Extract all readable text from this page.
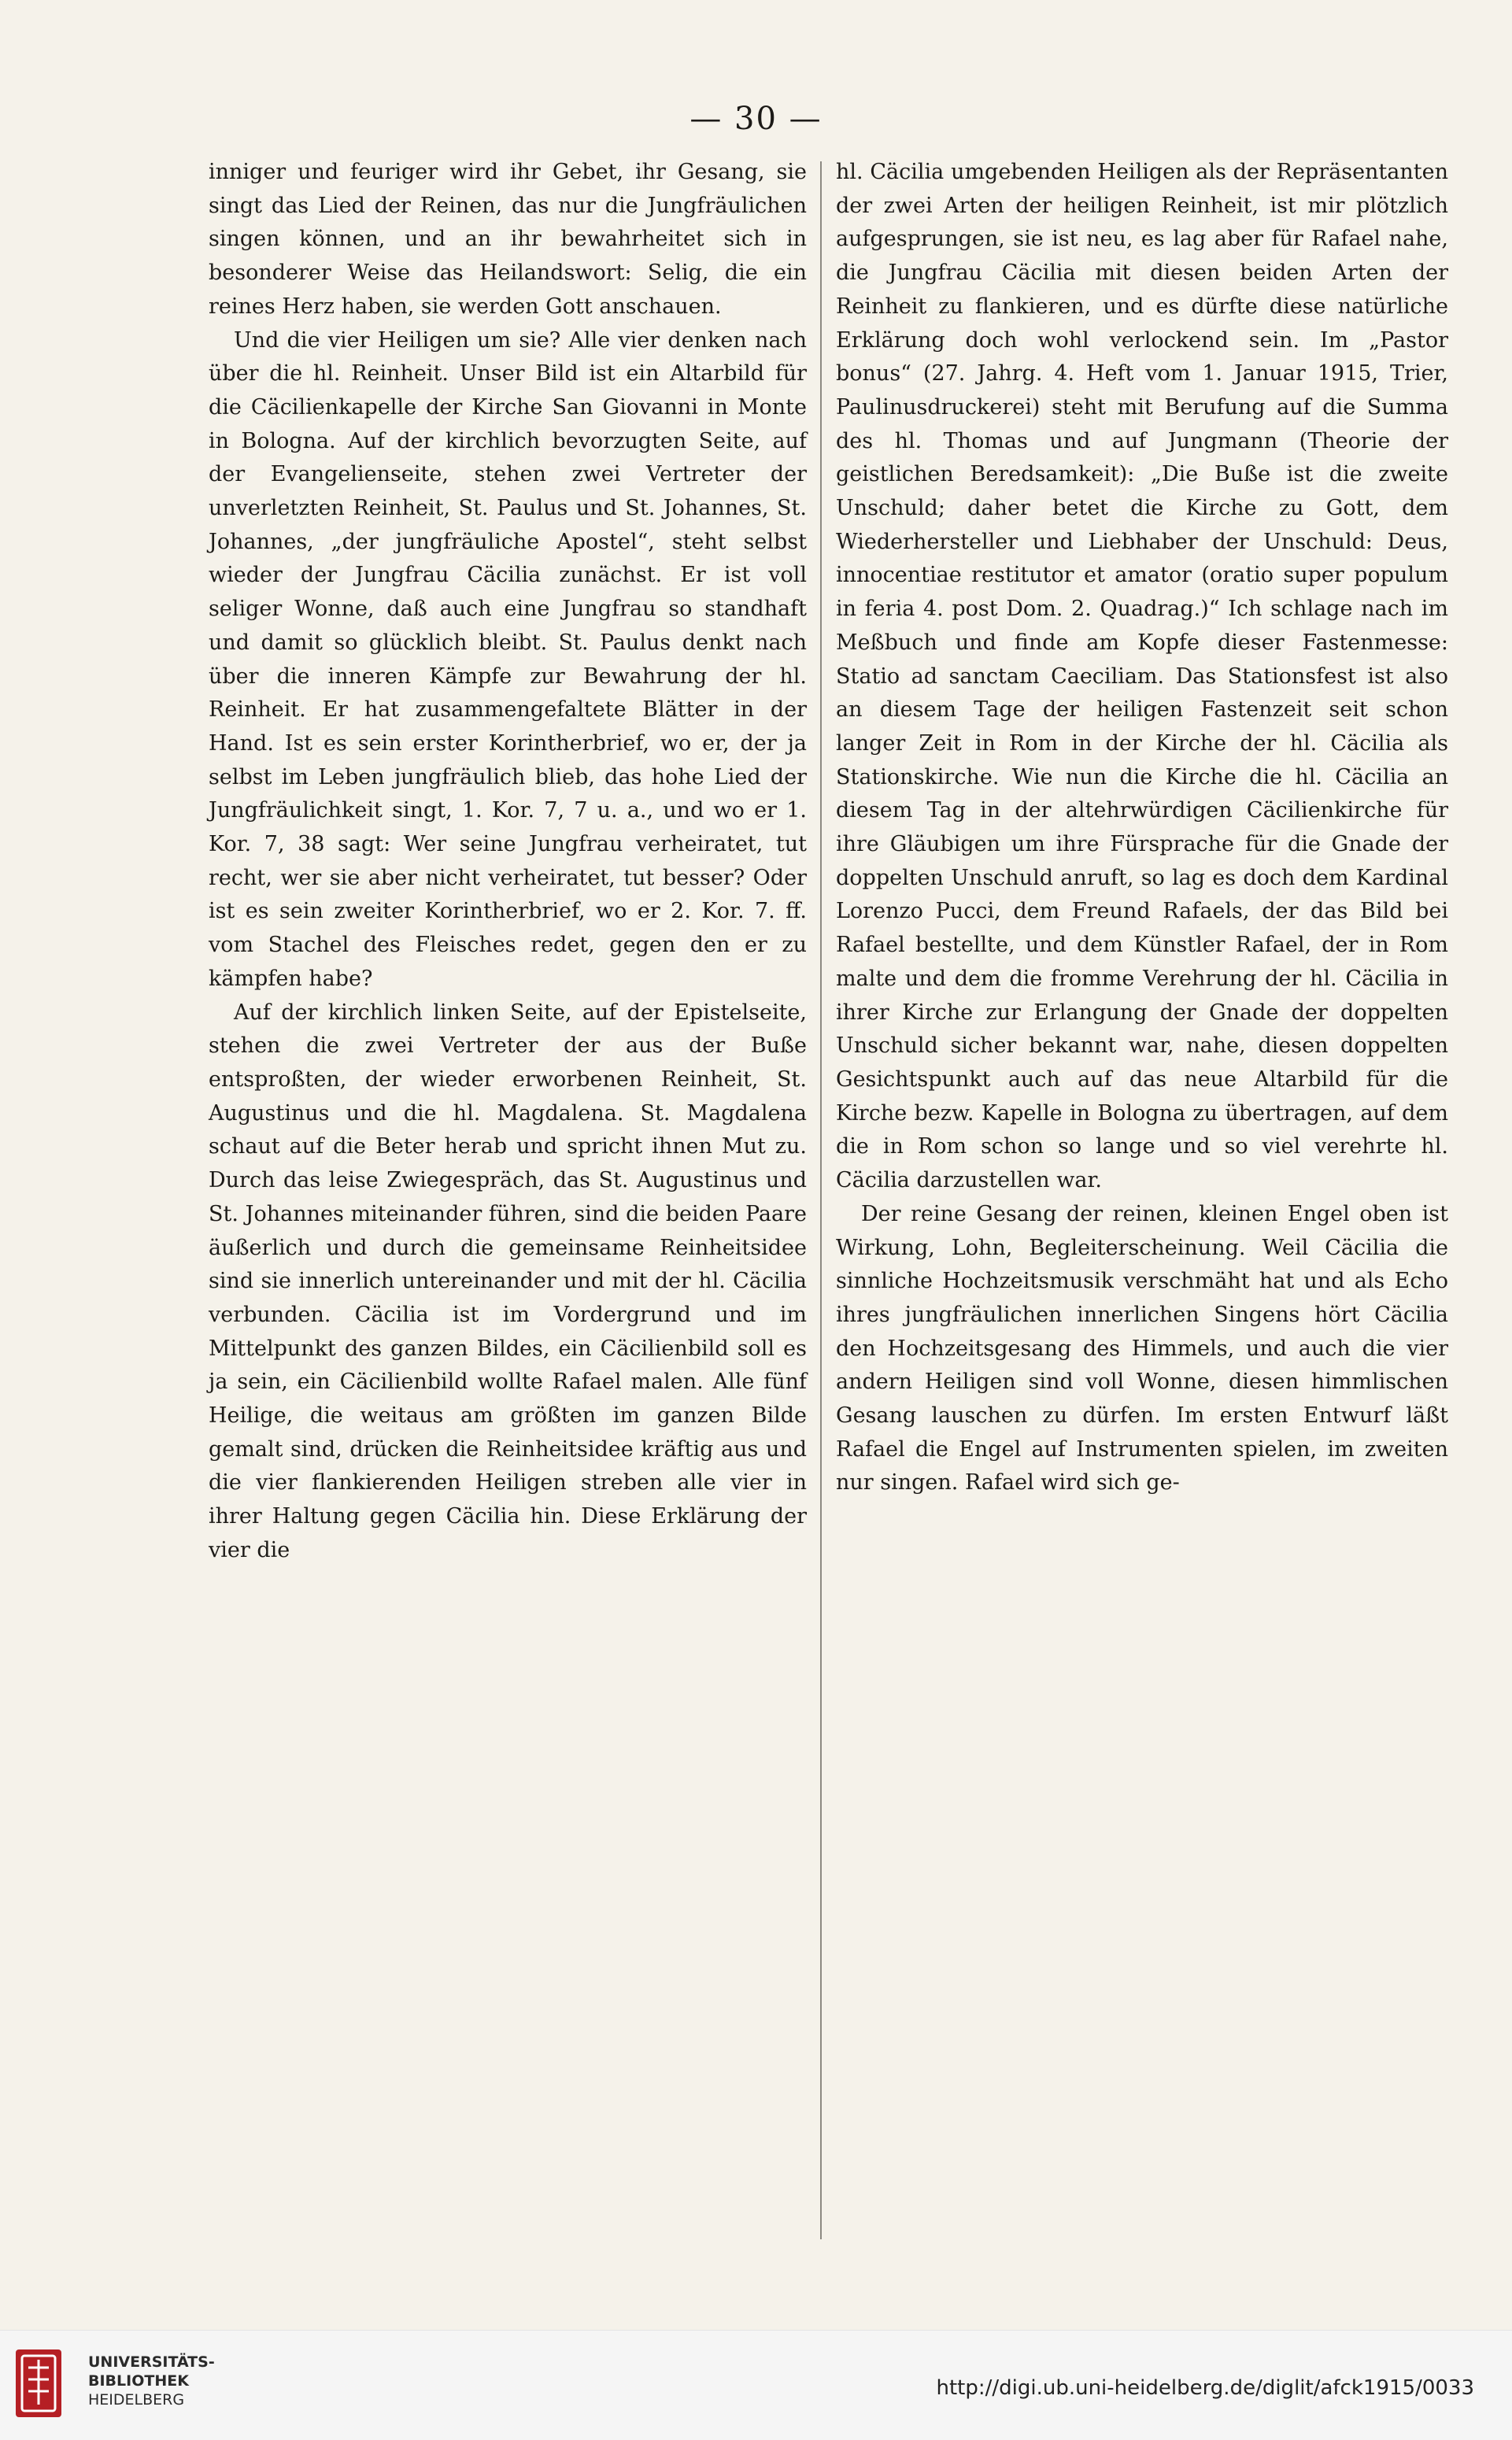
— 30 —

inniger und feuriger wird ihr Gebet, ihr Gesang, sie singt das Lied der Reinen, das nur die Jungfräulichen singen können, und an ihr bewahrheitet sich in besonderer Weise das Heilandswort: Selig, die ein reines Herz haben, sie werden Gott anschauen.

Und die vier Heiligen um sie? Alle vier denken nach über die hl. Reinheit. Unser Bild ist ein Altarbild für die Cäcilienkapelle der Kirche San Giovanni in Monte in Bologna. Auf der kirchlich bevorzugten Seite, auf der Evangelienseite, stehen zwei Vertreter der unverletzten Reinheit, St. Paulus und St. Johannes, St. Johannes, „der jungfräuliche Apostel“, steht selbst wieder der Jungfrau Cäcilia zunächst. Er ist voll seliger Wonne, daß auch eine Jungfrau so standhaft und damit so glücklich bleibt. St. Paulus denkt nach über die inneren Kämpfe zur Bewahrung der hl. Reinheit. Er hat zusammengefaltete Blätter in der Hand. Ist es sein erster Korintherbrief, wo er, der ja selbst im Leben jungfräulich blieb, das hohe Lied der Jungfräulichkeit singt, 1. Kor. 7, 7 u. a., und wo er 1. Kor. 7, 38 sagt: Wer seine Jungfrau verheiratet, tut recht, wer sie aber nicht verheiratet, tut besser? Oder ist es sein zweiter Korintherbrief, wo er 2. Kor. 7. ff. vom Stachel des Fleisches redet, gegen den er zu kämpfen habe?

Auf der kirchlich linken Seite, auf der Epistelseite, stehen die zwei Vertreter der aus der Buße entsproßten, der wieder erworbenen Reinheit, St. Augustinus und die hl. Magdalena. St. Magdalena schaut auf die Beter herab und spricht ihnen Mut zu. Durch das leise Zwiegespräch, das St. Augustinus und St. Johannes miteinander führen, sind die beiden Paare äußerlich und durch die gemeinsame Reinheitsidee sind sie innerlich untereinander und mit der hl. Cäcilia verbunden. Cäcilia ist im Vordergrund und im Mittelpunkt des ganzen Bildes, ein Cäcilienbild soll es ja sein, ein Cäcilienbild wollte Rafael malen. Alle fünf Heilige, die weitaus am größten im ganzen Bilde gemalt sind, drücken die Reinheitsidee kräftig aus und die vier flankierenden Heiligen streben alle vier in ihrer Haltung gegen Cäcilia hin. Diese Erklärung der vier die

hl. Cäcilia umgebenden Heiligen als der Repräsentanten der zwei Arten der heiligen Reinheit, ist mir plötzlich aufgesprungen, sie ist neu, es lag aber für Rafael nahe, die Jungfrau Cäcilia mit diesen beiden Arten der Reinheit zu flankieren, und es dürfte diese natürliche Erklärung doch wohl verlockend sein. Im „Pastor bonus“ (27. Jahrg. 4. Heft vom 1. Januar 1915, Trier, Paulinusdruckerei) steht mit Berufung auf die Summa des hl. Thomas und auf Jungmann (Theorie der geistlichen Beredsamkeit): „Die Buße ist die zweite Unschuld; daher betet die Kirche zu Gott, dem Wiederhersteller und Liebhaber der Unschuld: Deus, innocentiae restitutor et amator (oratio super populum in feria 4. post Dom. 2. Quadrag.)“ Ich schlage nach im Meßbuch und finde am Kopfe dieser Fastenmesse: Statio ad sanctam Caeciliam. Das Stationsfest ist also an diesem Tage der heiligen Fastenzeit seit schon langer Zeit in Rom in der Kirche der hl. Cäcilia als Stationskirche. Wie nun die Kirche die hl. Cäcilia an diesem Tag in der altehrwürdigen Cäcilienkirche für ihre Gläubigen um ihre Fürsprache für die Gnade der doppelten Unschuld anruft, so lag es doch dem Kardinal Lorenzo Pucci, dem Freund Rafaels, der das Bild bei Rafael bestellte, und dem Künstler Rafael, der in Rom malte und dem die fromme Verehrung der hl. Cäcilia in ihrer Kirche zur Erlangung der Gnade der doppelten Unschuld sicher bekannt war, nahe, diesen doppelten Gesichtspunkt auch auf das neue Altarbild für die Kirche bezw. Kapelle in Bologna zu übertragen, auf dem die in Rom schon so lange und so viel verehrte hl. Cäcilia darzustellen war.

Der reine Gesang der reinen, kleinen Engel oben ist Wirkung, Lohn, Begleiterscheinung. Weil Cäcilia die sinnliche Hochzeitsmusik verschmäht hat und als Echo ihres jungfräulichen innerlichen Singens hört Cäcilia den Hochzeitsgesang des Himmels, und auch die vier andern Heiligen sind voll Wonne, diesen himmlischen Gesang lauschen zu dürfen. Im ersten Entwurf läßt Rafael die Engel auf Instrumenten spielen, im zweiten nur singen. Rafael wird sich ge-

UNIVERSITÄTS-
BIBLIOTHEK
HEIDELBERG	http://digi.ub.uni-heidelberg.de/diglit/afck1915/0033
